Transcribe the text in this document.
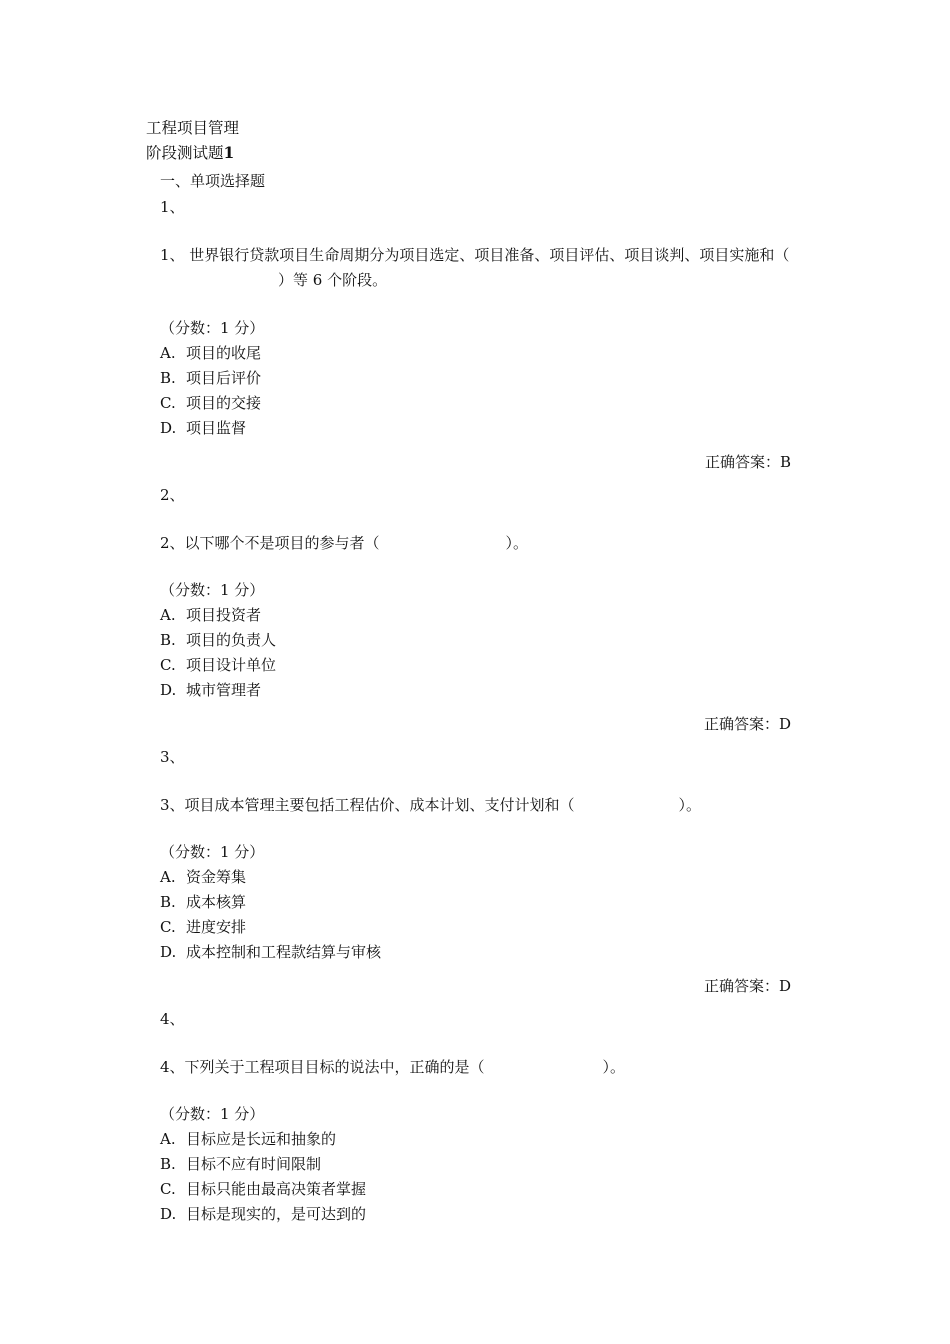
工程项目管理
阶段测试题1
一、单项选择题
1、
1、 世界银行贷款项目生命周期分为项目选定、项目准备、项目评估、项目谈判、项目实施和（）等 6 个阶段。
（分数：1 分）
A. 项目的收尾
B. 项目后评价
C. 项目的交接
D. 项目监督
正确答案：B
2、
2、以下哪个不是项目的参与者（	）。
（分数：1 分）
A. 项目投资者
B. 项目的负责人
C. 项目设计单位
D. 城市管理者
正确答案：D
3、
3、项目成本管理主要包括工程估价、成本计划、支付计划和（	）。
（分数：1 分）
A. 资金筹集
B. 成本核算
C. 进度安排
D. 成本控制和工程款结算与审核
正确答案：D
4、
4、下列关于工程项目目标的说法中，正确的是（	）。
（分数：1 分）
A. 目标应是长远和抽象的
B. 目标不应有时间限制
C. 目标只能由最高决策者掌握
D. 目标是现实的，是可达到的
